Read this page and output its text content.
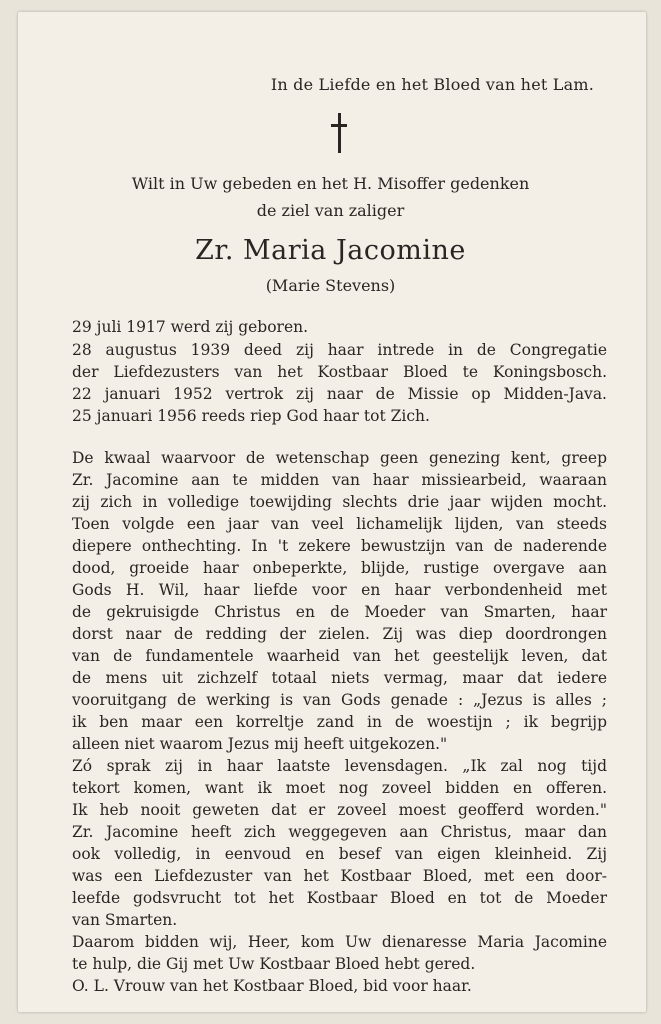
In de Liefde en het Bloed van het Lam.
Wilt in Uw gebeden en het H. Misoffer gedenken
de ziel van zaliger
Zr. Maria Jacomine
(Marie Stevens)
29 juli 1917 werd zij geboren.
28 augustus 1939 deed zij haar intrede in de Congregatie
der Liefdezusters van het Kostbaar Bloed te Koningsbosch.
22 januari 1952 vertrok zij naar de Missie op Midden-Java.
25 januari 1956 reeds riep God haar tot Zich.
De kwaal waarvoor de wetenschap geen genezing kent, greep
Zr. Jacomine aan te midden van haar missiearbeid, waaraan
zij zich in volledige toewijding slechts drie jaar wijden mocht.
Toen volgde een jaar van veel lichamelijk lijden, van steeds
diepere onthechting. In 't zekere bewustzijn van de naderende
dood, groeide haar onbeperkte, blijde, rustige overgave aan
Gods H. Wil, haar liefde voor en haar verbondenheid met
de gekruisigde Christus en de Moeder van Smarten, haar
dorst naar de redding der zielen. Zij was diep doordrongen
van de fundamentele waarheid van het geestelijk leven, dat
de mens uit zichzelf totaal niets vermag, maar dat iedere
vooruitgang de werking is van Gods genade : „Jezus is alles ;
ik ben maar een korreltje zand in de woestijn ; ik begrijp
alleen niet waarom Jezus mij heeft uitgekozen."
Zó sprak zij in haar laatste levensdagen. „Ik zal nog tijd
tekort komen, want ik moet nog zoveel bidden en offeren.
Ik heb nooit geweten dat er zoveel moest geofferd worden."
Zr. Jacomine heeft zich weggegeven aan Christus, maar dan
ook volledig, in eenvoud en besef van eigen kleinheid. Zij
was een Liefdezuster van het Kostbaar Bloed, met een door-
leefde godsvrucht tot het Kostbaar Bloed en tot de Moeder
van Smarten.
Daarom bidden wij, Heer, kom Uw dienaresse Maria Jacomine
te hulp, die Gij met Uw Kostbaar Bloed hebt gered.
O. L. Vrouw van het Kostbaar Bloed, bid voor haar.
